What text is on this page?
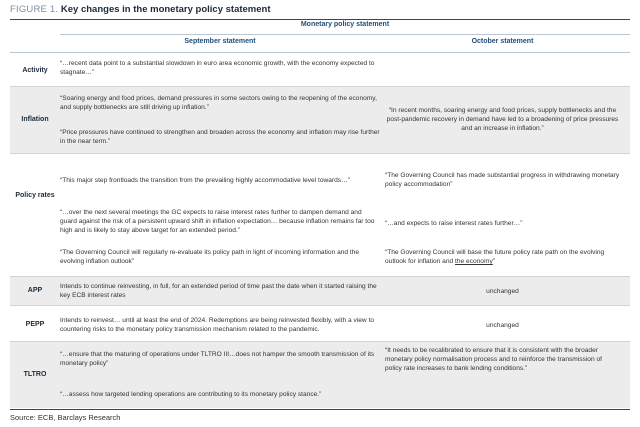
FIGURE 1. Key changes in the monetary policy statement
Monetary policy statement
September statement	October statement
Activity
“…recent data point to a substantial slowdown in euro area economic growth, with the economy expected to stagnate…”
Inflation
“Soaring energy and food prices, demand pressures in some sectors owing to the reopening of the economy, and supply bottlenecks are still driving up inflation.”
“Price pressures have continued to strengthen and broaden across the economy and inflation may rise further in the near term.”
“In recent months, soaring energy and food prices, supply bottlenecks and the post-pandemic recovery in demand have led to a broadening of price pressures and an increase in inflation.”
Policy rates
“This major step frontloads the transition from the prevailing highly accommodative level towards…”
“…over the next several meetings the GC expects to raise interest rates further to dampen demand and guard against the risk of a persistent upward shift in inflation expectation… because inflation remains far too high and is likely to stay above target for an extended period.”
“The Governing Council will regularly re-evaluate its policy path in light of incoming information and the evolving inflation outlook”
“The Governing Council has made substantial progress in withdrawing monetary policy accommodation”
“…and expects to raise interest rates further…”
“The Governing Council will base the future policy rate path on the evolving outlook for inflation and the economy”
APP
Intends to continue reinvesting, in full, for an extended period of time past the date when it started raising the key ECB interest rates
unchanged
PEPP
Intends to reinvest… until at least the end of 2024. Redemptions are being reinvested flexibly, with a view to countering risks to the monetary policy transmission mechanism related to the pandemic.
unchanged
TLTRO
“…ensure that the maturing of operations under TLTRO III…does not hamper the smooth transmission of its monetary policy”
“…assess how targeted lending operations are contributing to its monetary policy stance.”
“It needs to be recalibrated to ensure that it is consistent with the broader monetary policy normalisation process and to reinforce the transmission of policy rate increases to bank lending conditions.”
Source: ECB, Barclays Research
